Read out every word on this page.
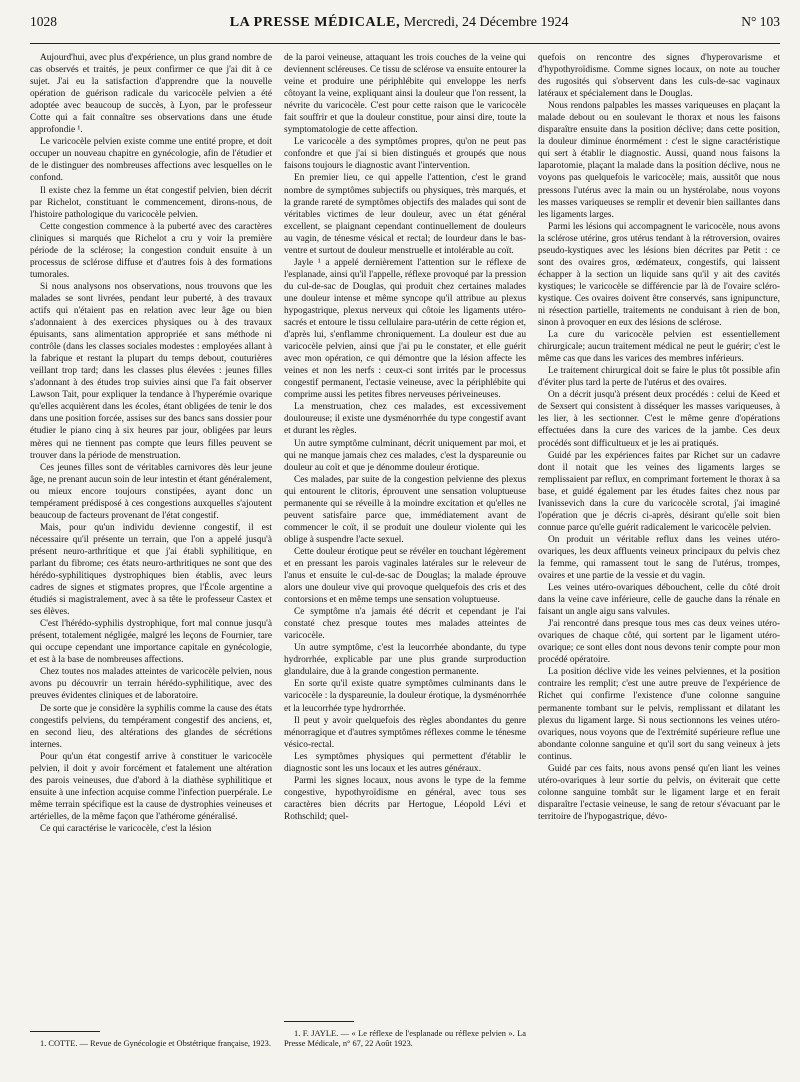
1028	LA PRESSE MÉDICALE, Mercredi, 24 Décembre 1924	N° 103

Aujourd'hui, avec plus d'expérience, un plus grand nombre de cas observés et traités, je peux confirmer ce que j'ai dit à ce sujet. J'ai eu la satisfaction d'apprendre que la nouvelle opération de guérison radicale du varicocèle pelvien a été adoptée avec beaucoup de succès, à Lyon, par le professeur Cotte qui a fait connaître ses observations dans une étude approfondie ¹.

Le varicocèle pelvien existe comme une entité propre, et doit occuper un nouveau chapitre en gynécologie, afin de l'étudier et de le distinguer des nombreuses affections avec lesquelles on le confond.

Il existe chez la femme un état congestif pelvien, bien décrit par Richelot, constituant le commencement, dirons-nous, de l'histoire pathologique du varicocèle pelvien.

Cette congestion commence à la puberté avec des caractères cliniques si marqués que Richelot a cru y voir la première période de la sclérose; la congestion conduit ensuite à un processus de sclérose diffuse et d'autres fois à des formations tumorales.

Si nous analysons nos observations, nous trouvons que les malades se sont livrées, pendant leur puberté, à des travaux actifs qui n'étaient pas en relation avec leur âge ou bien s'adonnaient à des exercices physiques ou à des travaux épuisants, sans alimentation appropriée et sans méthode ni contrôle (dans les classes sociales modestes : employées allant à la fabrique et restant la plupart du temps debout, couturières veillant trop tard; dans les classes plus élevées : jeunes filles s'adonnant à des études trop suivies ainsi que l'a fait observer Lawson Tait, pour expliquer la tendance à l'hyperémie ovarique qu'elles acquièrent dans les écoles, étant obligées de tenir le dos dans une position forcée, assises sur des bancs sans dossier pour étudier le piano cinq à six heures par jour, obligées par leurs mères qui ne tiennent pas compte que leurs filles peuvent se trouver dans la période de menstruation.

Ces jeunes filles sont de véritables carnivores dès leur jeune âge, ne prenant aucun soin de leur intestin et étant généralement, ou mieux encore toujours constipées, ayant donc un tempérament prédisposé à ces congestions auxquelles s'ajoutent beaucoup de facteurs provenant de l'état congestif.

Mais, pour qu'un individu devienne congestif, il est nécessaire qu'il présente un terrain, que l'on a appelé jusqu'à présent neuro-arthritique et que j'ai établi syphilitique, en parlant du fibrome; ces états neuro-arthritiques ne sont que des hérédo-syphilitiques dystrophiques bien établis, avec leurs cadres de signes et stigmates propres, que l'École argentine a étudiés si magistralement, avec à sa tête le professeur Castex et ses élèves.

C'est l'hérédo-syphilis dystrophique, fort mal connue jusqu'à présent, totalement négligée, malgré les leçons de Fournier, tare qui occupe cependant une importance capitale en gynécologie, et est à la base de nombreuses affections.

Chez toutes nos malades atteintes de varicocèle pelvien, nous avons pu découvrir un terrain hérédo-syphilitique, avec des preuves évidentes cliniques et de laboratoire.

De sorte que je considère la syphilis comme la cause des états congestifs pelviens, du tempérament congestif des anciens, et, en second lieu, des altérations des glandes de sécrétions internes.

Pour qu'un état congestif arrive à constituer le varicocèle pelvien, il doit y avoir forcément et fatalement une altération des parois veineuses, due d'abord à la diathèse syphilitique et ensuite à une infection acquise comme l'infection puerpérale. Le même terrain spécifique est la cause de dystrophies veineuses et artérielles, de la même façon que l'athérome généralisé.

Ce qui caractérise le varicocèle, c'est la lésion

1. COTTE. — Revue de Gynécologie et Obstétrique française, 1923.

de la paroi veineuse, attaquant les trois couches de la veine qui deviennent scléreuses. Ce tissu de sclérose va ensuite entourer la veine et produire une périphlébite qui enveloppe les nerfs côtoyant la veine, expliquant ainsi la douleur que l'on ressent, la névrite du varicocèle. C'est pour cette raison que le varicocèle fait souffrir et que la douleur constitue, pour ainsi dire, toute la symptomatologie de cette affection.

Le varicocèle a des symptômes propres, qu'on ne peut pas confondre et que j'ai si bien distingués et groupés que nous faisons toujours le diagnostic avant l'intervention.

En premier lieu, ce qui appelle l'attention, c'est le grand nombre de symptômes subjectifs ou physiques, très marqués, et la grande rareté de symptômes objectifs des malades qui sont de véritables victimes de leur douleur, avec un état général excellent, se plaignant cependant continuellement de douleurs au vagin, de ténesme vésical et rectal; de lourdeur dans le bas-ventre et surtout de douleur menstruelle et intolérable au coït.

Jayle ¹ a appelé dernièrement l'attention sur le réflexe de l'esplanade, ainsi qu'il l'appelle, réflexe provoqué par la pression du cul-de-sac de Douglas, qui produit chez certaines malades une douleur intense et même syncope qu'il attribue au plexus hypogastrique, plexus nerveux qui côtoie les ligaments utéro-sacrés et entoure le tissu cellulaire para-utérin de cette région et, d'après lui, s'enflamme chroniquement. La douleur est due au varicocèle pelvien, ainsi que j'ai pu le constater, et elle guérit avec mon opération, ce qui démontre que la lésion affecte les veines et non les nerfs : ceux-ci sont irrités par le processus congestif permanent, l'ectasie veineuse, avec la périphlébite qui comprime aussi les petites fibres nerveuses périveineuses.

La menstruation, chez ces malades, est excessivement douloureuse; il existe une dysménorrhée du type congestif avant et durant les règles.

Un autre symptôme culminant, décrit uniquement par moi, et qui ne manque jamais chez ces malades, c'est la dyspareunie ou douleur au coït et que je dénomme douleur érotique.

Ces malades, par suite de la congestion pelvienne des plexus qui entourent le clitoris, éprouvent une sensation voluptueuse permanente qui se réveille à la moindre excitation et qu'elles ne peuvent satisfaire parce que, immédiatement avant de commencer le coït, il se produit une douleur violente qui les oblige à suspendre l'acte sexuel.

Cette douleur érotique peut se révéler en touchant légèrement et en pressant les parois vaginales latérales sur le releveur de l'anus et ensuite le cul-de-sac de Douglas; la malade éprouve alors une douleur vive qui provoque quelquefois des cris et des contorsions et en même temps une sensation voluptueuse.

Ce symptôme n'a jamais été décrit et cependant je l'ai constaté chez presque toutes mes malades atteintes de varicocèle.

Un autre symptôme, c'est la leucorrhée abondante, du type hydrorrhée, explicable par une plus grande surproduction glandulaire, due à la grande congestion permanente.

En sorte qu'il existe quatre symptômes culminants dans le varicocèle : la dyspareunie, la douleur érotique, la dysménorrhée et la leucorrhée type hydrorrhée.

Il peut y avoir quelquefois des règles abondantes du genre ménorragique et d'autres symptômes réflexes comme le ténesme vésico-rectal.

Les symptômes physiques qui permettent d'établir le diagnostic sont les uns locaux et les autres généraux.

Parmi les signes locaux, nous avons le type de la femme congestive, hypothyroïdisme en général, avec tous ses caractères bien décrits par Hertogue, Léopold Lévi et Rothschild; quel-

1. F. JAYLE. — « Le réflexe de l'esplanade ou réflexe pelvien ». La Presse Médicale, n° 67, 22 Août 1923.

quefois on rencontre des signes d'hyperovarisme et d'hypothyroïdisme. Comme signes locaux, on note au toucher des rugosités qui s'observent dans les culs-de-sac vaginaux latéraux et spécialement dans le Douglas.

Nous rendons palpables les masses variqueuses en plaçant la malade debout ou en soulevant le thorax et nous les faisons disparaître ensuite dans la position déclive; dans cette position, la douleur diminue énormément : c'est le signe caractéristique qui sert à établir le diagnostic. Aussi, quand nous faisons la laparotomie, plaçant la malade dans la position déclive, nous ne voyons pas quelquefois le varicocèle; mais, aussitôt que nous pressons l'utérus avec la main ou un hystérolabe, nous voyons les masses variqueuses se remplir et devenir bien saillantes dans les ligaments larges.

Parmi les lésions qui accompagnent le varicocèle, nous avons la sclérose utérine, gros utérus tendant à la rétroversion, ovaires pseudo-kystiques avec les lésions bien décrites par Petit : ce sont des ovaires gros, œdémateux, congestifs, qui laissent échapper à la section un liquide sans qu'il y ait des cavités kystiques; le varicocèle se différencie par là de l'ovaire scléro-kystique. Ces ovaires doivent être conservés, sans ignipuncture, ni résection partielle, traitements ne conduisant à rien de bon, sinon à provoquer en eux des lésions de sclérose.

La cure du varicocèle pelvien est essentiellement chirurgicale; aucun traitement médical ne peut le guérir; c'est le même cas que dans les varices des membres inférieurs.

Le traitement chirurgical doit se faire le plus tôt possible afin d'éviter plus tard la perte de l'utérus et des ovaires.

On a décrit jusqu'à présent deux procédés : celui de Keed et de Sexsert qui consistent à disséquer les masses variqueuses, à les lier, à les sectionner. C'est le même genre d'opérations effectuées dans la cure des varices de la jambe. Ces deux procédés sont difficultueux et je les ai pratiqués.

Guidé par les expériences faites par Richet sur un cadavre dont il notait que les veines des ligaments larges se remplissaient par reflux, en comprimant fortement le thorax à sa base, et guidé également par les études faites chez nous par Ivanissevich dans la cure du varicocèle scrotal, j'ai imaginé l'opération que je décris ci-après, désirant qu'elle soit bien connue parce qu'elle guérit radicalement le varicocèle pelvien.

On produit un véritable reflux dans les veines utéro-ovariques, les deux affluents veineux principaux du pelvis chez la femme, qui ramassent tout le sang de l'utérus, trompes, ovaires et une partie de la vessie et du vagin.

Les veines utéro-ovariques débouchent, celle du côté droit dans la veine cave inférieure, celle de gauche dans la rénale en faisant un angle aigu sans valvules.

J'ai rencontré dans presque tous mes cas deux veines utéro-ovariques de chaque côté, qui sortent par le ligament utéro-ovarique; ce sont elles dont nous devons tenir compte pour mon procédé opératoire.

La position déclive vide les veines pelviennes, et la position contraire les remplit; c'est une autre preuve de l'expérience de Richet qui confirme l'existence d'une colonne sanguine permanente tombant sur le pelvis, remplissant et dilatant les plexus du ligament large. Si nous sectionnons les veines utéro-ovariques, nous voyons que de l'extrémité supérieure reflue une abondante colonne sanguine et qu'il sort du sang veineux à jets continus.

Guidé par ces faits, nous avons pensé qu'en liant les veines utéro-ovariques à leur sortie du pelvis, on éviterait que cette colonne sanguine tombât sur le ligament large et en ferait disparaître l'ectasie veineuse, le sang de retour s'évacuant par le territoire de l'hypogastrique, dévo-
